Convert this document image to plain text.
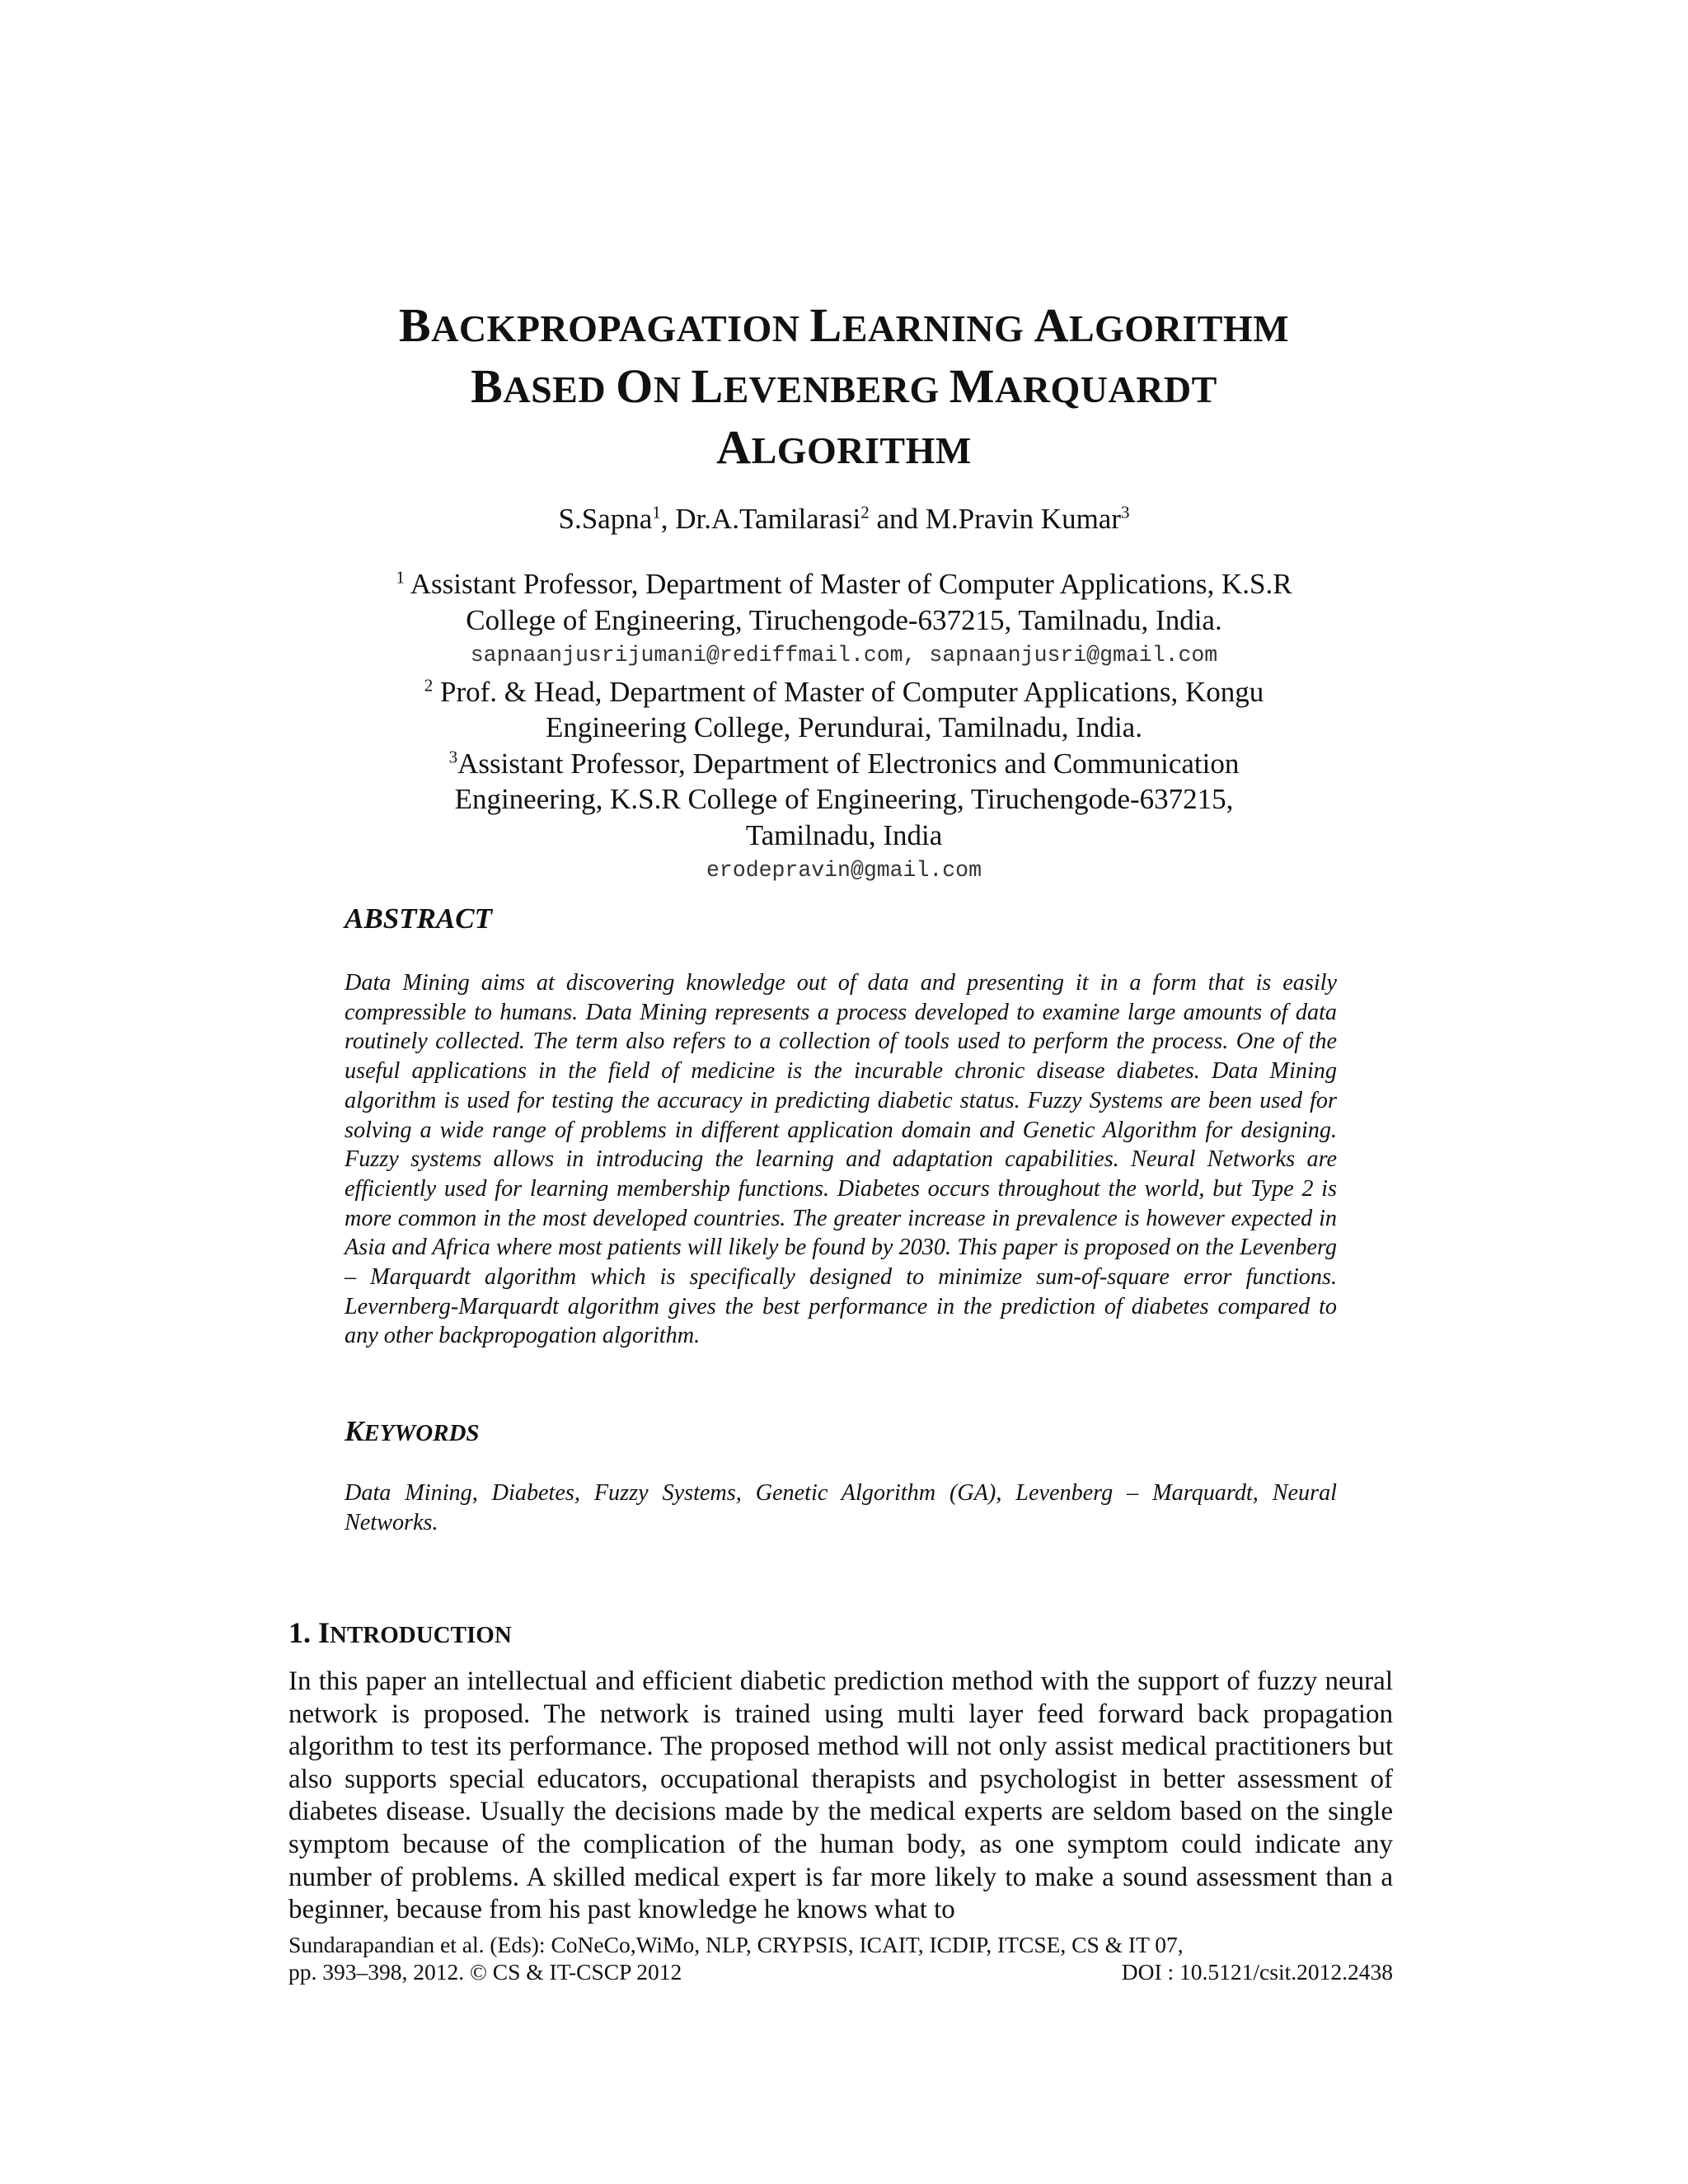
BACKPROPAGATION LEARNING ALGORITHM
BASED ON LEVENBERG MARQUARDT
ALGORITHM
S.Sapna$^1$, Dr.A.Tamilarasi$^2$ and M.Pravin Kumar$^3$
$^1$ Assistant Professor, Department of Master of Computer Applications, K.S.R
College of Engineering, Tiruchengode-637215, Tamilnadu, India.
sapnaanjusrijumani@rediffmail.com, sapnaanjusri@gmail.com
$^2$ Prof. & Head, Department of Master of Computer Applications, Kongu
Engineering College, Perundurai, Tamilnadu, India.
$^3$Assistant Professor, Department of Electronics and Communication
Engineering, K.S.R College of Engineering, Tiruchengode-637215,
Tamilnadu, India
erodepravin@gmail.com
ABSTRACT
Data Mining aims at discovering knowledge out of data and presenting it in a form that is easily compressible to humans. Data Mining represents a process developed to examine large amounts of data routinely collected. The term also refers to a collection of tools used to perform the process. One of the useful applications in the field of medicine is the incurable chronic disease diabetes. Data Mining algorithm is used for testing the accuracy in predicting diabetic status. Fuzzy Systems are been used for solving a wide range of problems in different application domain and Genetic Algorithm for designing. Fuzzy systems allows in introducing the learning and adaptation capabilities. Neural Networks are efficiently used for learning membership functions. Diabetes occurs throughout the world, but Type 2 is more common in the most developed countries. The greater increase in prevalence is however expected in Asia and Africa where most patients will likely be found by 2030. This paper is proposed on the Levenberg – Marquardt algorithm which is specifically designed to minimize sum-of-square error functions. Levernberg-Marquardt algorithm gives the best performance in the prediction of diabetes compared to any other backpropogation algorithm.
KEYWORDS
Data Mining, Diabetes, Fuzzy Systems, Genetic Algorithm (GA), Levenberg – Marquardt, Neural Networks.
1. INTRODUCTION
In this paper an intellectual and efficient diabetic prediction method with the support of fuzzy neural network is proposed. The network is trained using multi layer feed forward back propagation algorithm to test its performance. The proposed method will not only assist medical practitioners but also supports special educators, occupational therapists and psychologist in better assessment of diabetes disease. Usually the decisions made by the medical experts are seldom based on the single symptom because of the complication of the human body, as one symptom could indicate any number of problems. A skilled medical expert is far more likely to make a sound assessment than a beginner, because from his past knowledge he knows what to
Sundarapandian et al. (Eds): CoNeCo,WiMo, NLP, CRYPSIS, ICAIT, ICDIP, ITCSE, CS & IT 07,
pp. 393–398, 2012. © CS & IT-CSCP 2012	DOI : 10.5121/csit.2012.2438
